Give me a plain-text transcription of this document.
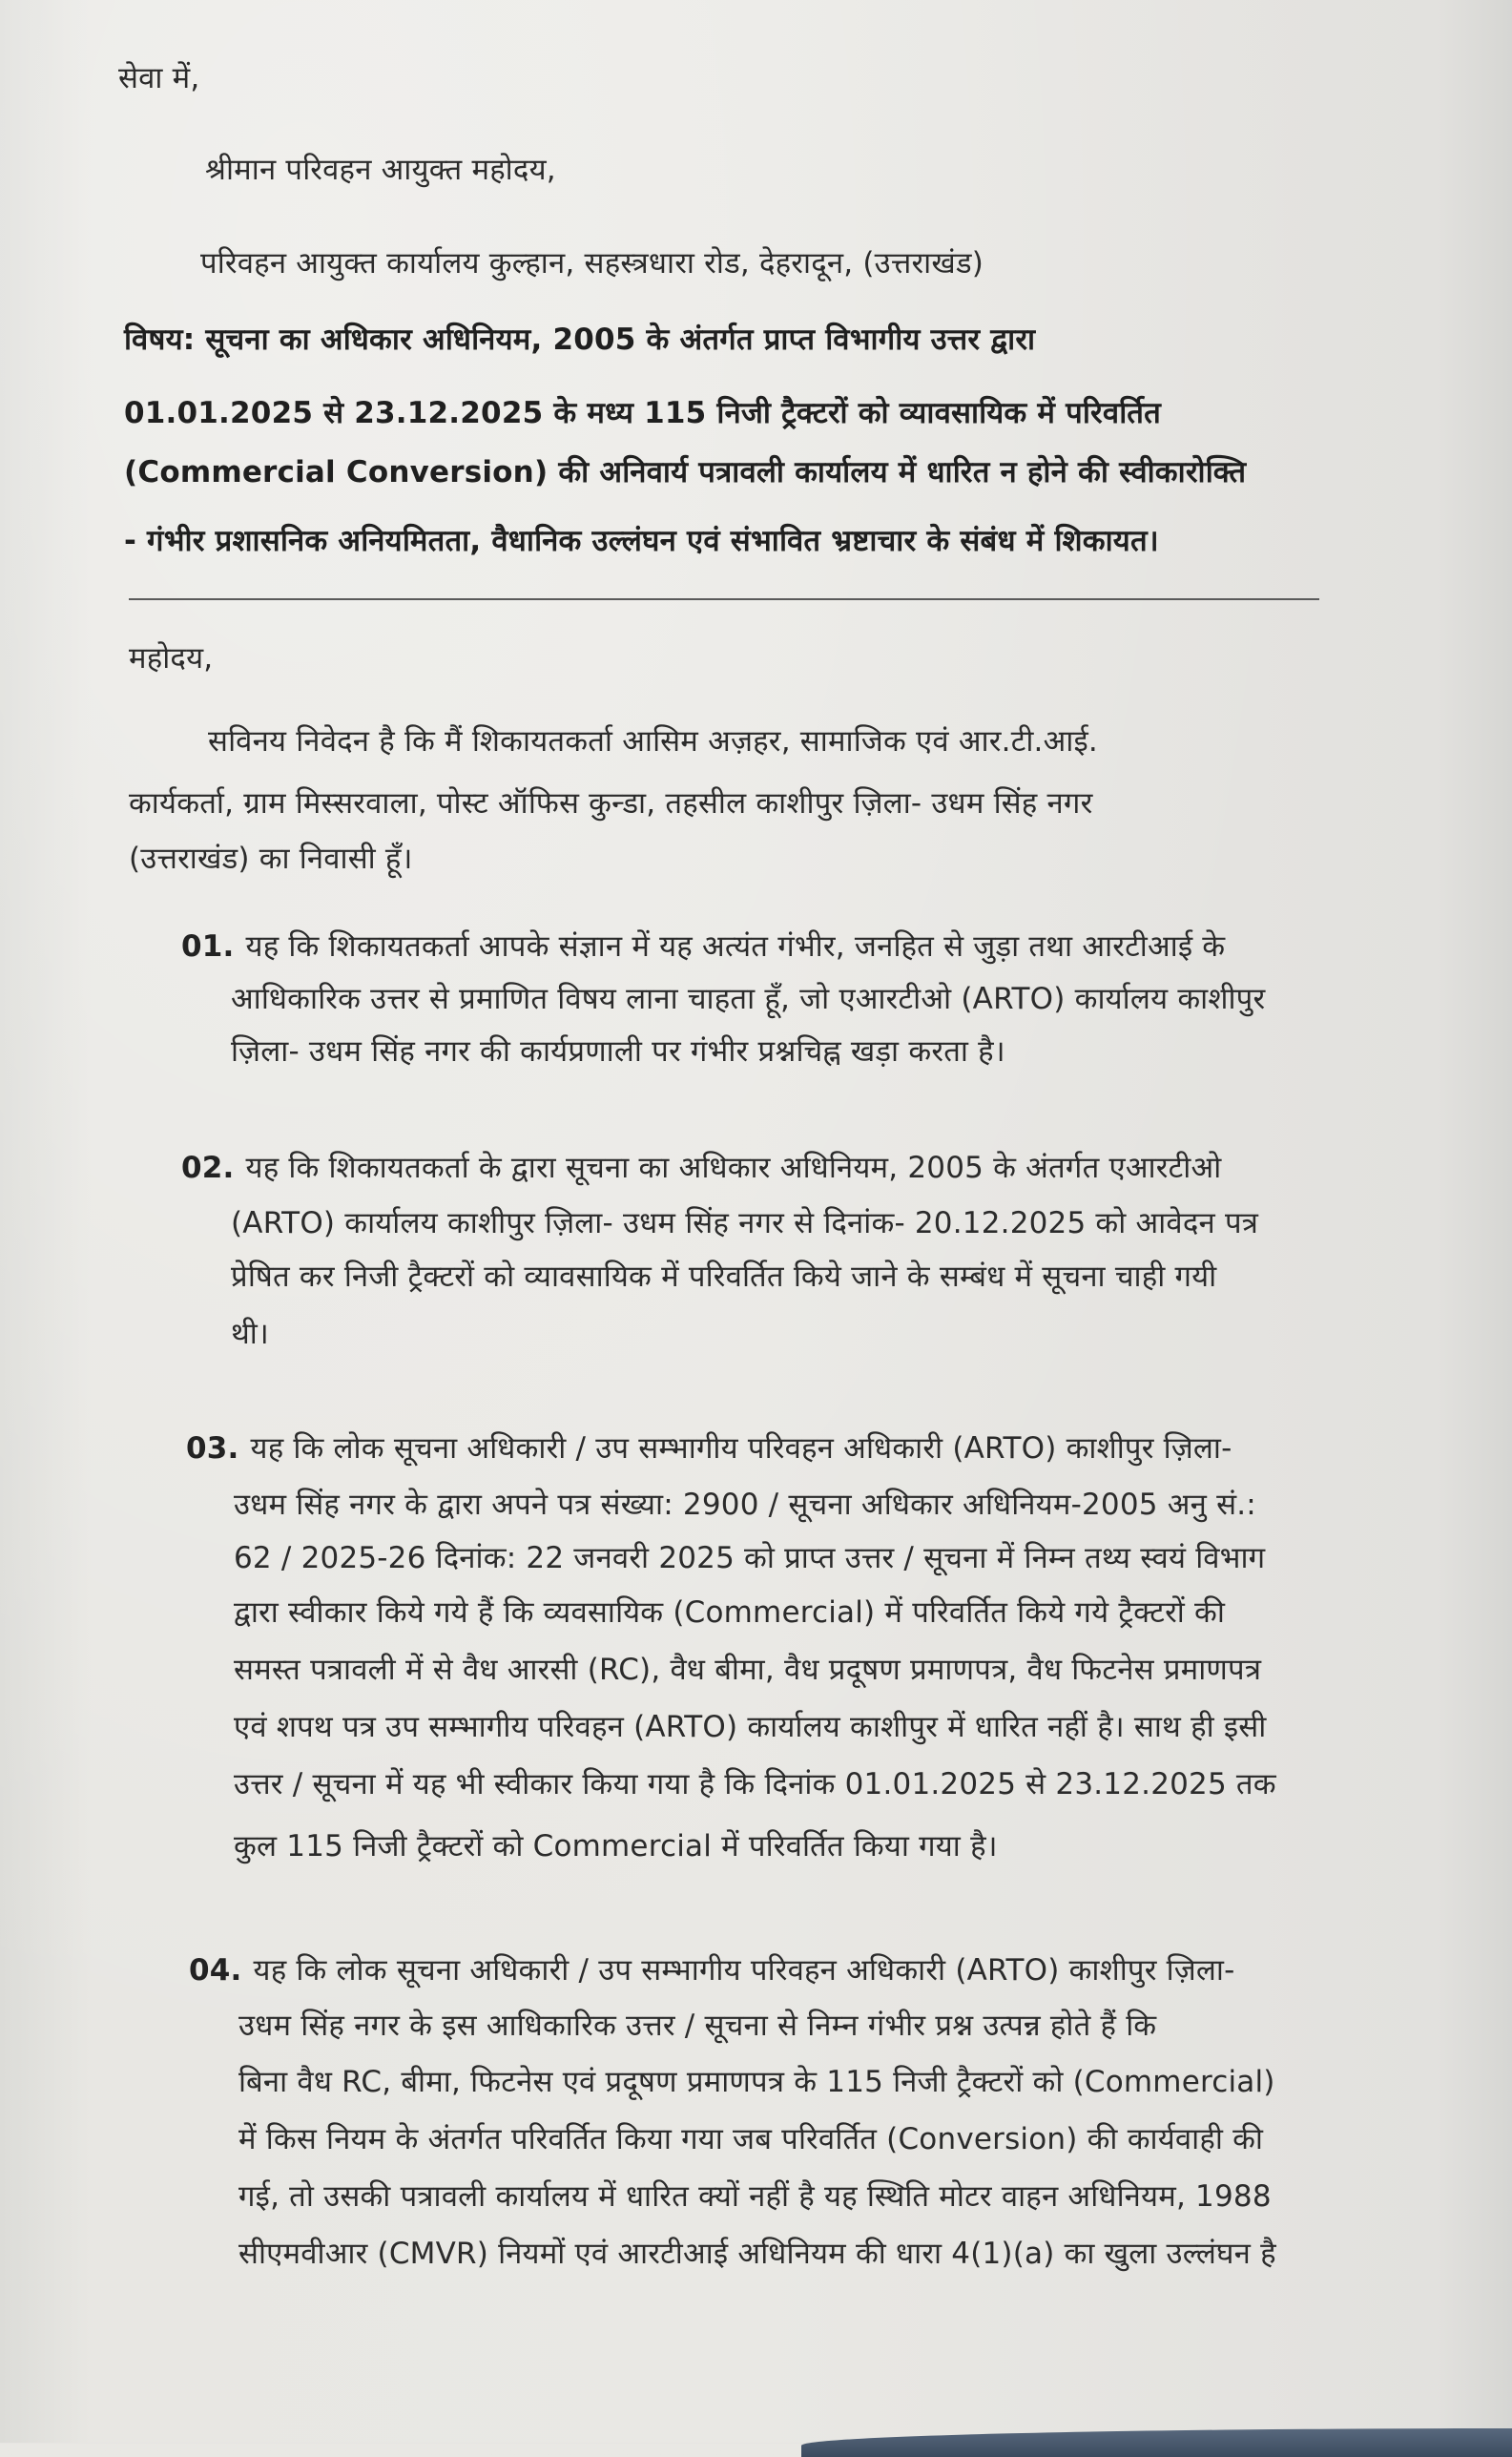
सेवा में,
श्रीमान परिवहन आयुक्त महोदय,
परिवहन आयुक्त कार्यालय कुल्हान, सहस्त्रधारा रोड, देहरादून, (उत्तराखंड)
विषय: सूचना का अधिकार अधिनियम, 2005 के अंतर्गत प्राप्त विभागीय उत्तर द्वारा
01.01.2025 से 23.12.2025 के मध्य 115 निजी ट्रैक्टरों को व्यावसायिक में परिवर्तित
(Commercial Conversion) की अनिवार्य पत्रावली कार्यालय में धारित न होने की स्वीकारोक्ति
- गंभीर प्रशासनिक अनियमितता, वैधानिक उल्लंघन एवं संभावित भ्रष्टाचार के संबंध में शिकायत।
महोदय,
सविनय निवेदन है कि मैं शिकायतकर्ता आसिम अज़हर, सामाजिक एवं आर.टी.आई.
कार्यकर्ता, ग्राम मिस्सरवाला, पोस्ट ऑफिस कुन्डा, तहसील काशीपुर ज़िला- उधम सिंह नगर
(उत्तराखंड) का निवासी हूँ।
01. यह कि शिकायतकर्ता आपके संज्ञान में यह अत्यंत गंभीर, जनहित से जुड़ा तथा आरटीआई के
आधिकारिक उत्तर से प्रमाणित विषय लाना चाहता हूँ, जो एआरटीओ (ARTO) कार्यालय काशीपुर
ज़िला- उधम सिंह नगर की कार्यप्रणाली पर गंभीर प्रश्नचिह्न खड़ा करता है।
02. यह कि शिकायतकर्ता के द्वारा सूचना का अधिकार अधिनियम, 2005 के अंतर्गत एआरटीओ
(ARTO) कार्यालय काशीपुर ज़िला- उधम सिंह नगर से दिनांक- 20.12.2025 को आवेदन पत्र
प्रेषित कर निजी ट्रैक्टरों को व्यावसायिक में परिवर्तित किये जाने के सम्बंध में सूचना चाही गयी
थी।
03. यह कि लोक सूचना अधिकारी / उप सम्भागीय परिवहन अधिकारी (ARTO) काशीपुर ज़िला-
उधम सिंह नगर के द्वारा अपने पत्र संख्या: 2900 / सूचना अधिकार अधिनियम-2005 अनु सं.:
62 / 2025-26 दिनांक: 22 जनवरी 2025 को प्राप्त उत्तर / सूचना में निम्न तथ्य स्वयं विभाग
द्वारा स्वीकार किये गये हैं कि व्यवसायिक (Commercial) में परिवर्तित किये गये ट्रैक्टरों की
समस्त पत्रावली में से वैध आरसी (RC), वैध बीमा, वैध प्रदूषण प्रमाणपत्र, वैध फिटनेस प्रमाणपत्र
एवं शपथ पत्र उप सम्भागीय परिवहन (ARTO) कार्यालय काशीपुर में धारित नहीं है। साथ ही इसी
उत्तर / सूचना में यह भी स्वीकार किया गया है कि दिनांक 01.01.2025 से 23.12.2025 तक
कुल 115 निजी ट्रैक्टरों को Commercial में परिवर्तित किया गया है।
04. यह कि लोक सूचना अधिकारी / उप सम्भागीय परिवहन अधिकारी (ARTO) काशीपुर ज़िला-
उधम सिंह नगर के इस आधिकारिक उत्तर / सूचना से निम्न गंभीर प्रश्न उत्पन्न होते हैं कि
बिना वैध RC, बीमा, फिटनेस एवं प्रदूषण प्रमाणपत्र के 115 निजी ट्रैक्टरों को (Commercial)
में किस नियम के अंतर्गत परिवर्तित किया गया जब परिवर्तित (Conversion) की कार्यवाही की
गई, तो उसकी पत्रावली कार्यालय में धारित क्यों नहीं है यह स्थिति मोटर वाहन अधिनियम, 1988
सीएमवीआर (CMVR) नियमों एवं आरटीआई अधिनियम की धारा 4(1)(a) का खुला उल्लंघन है
